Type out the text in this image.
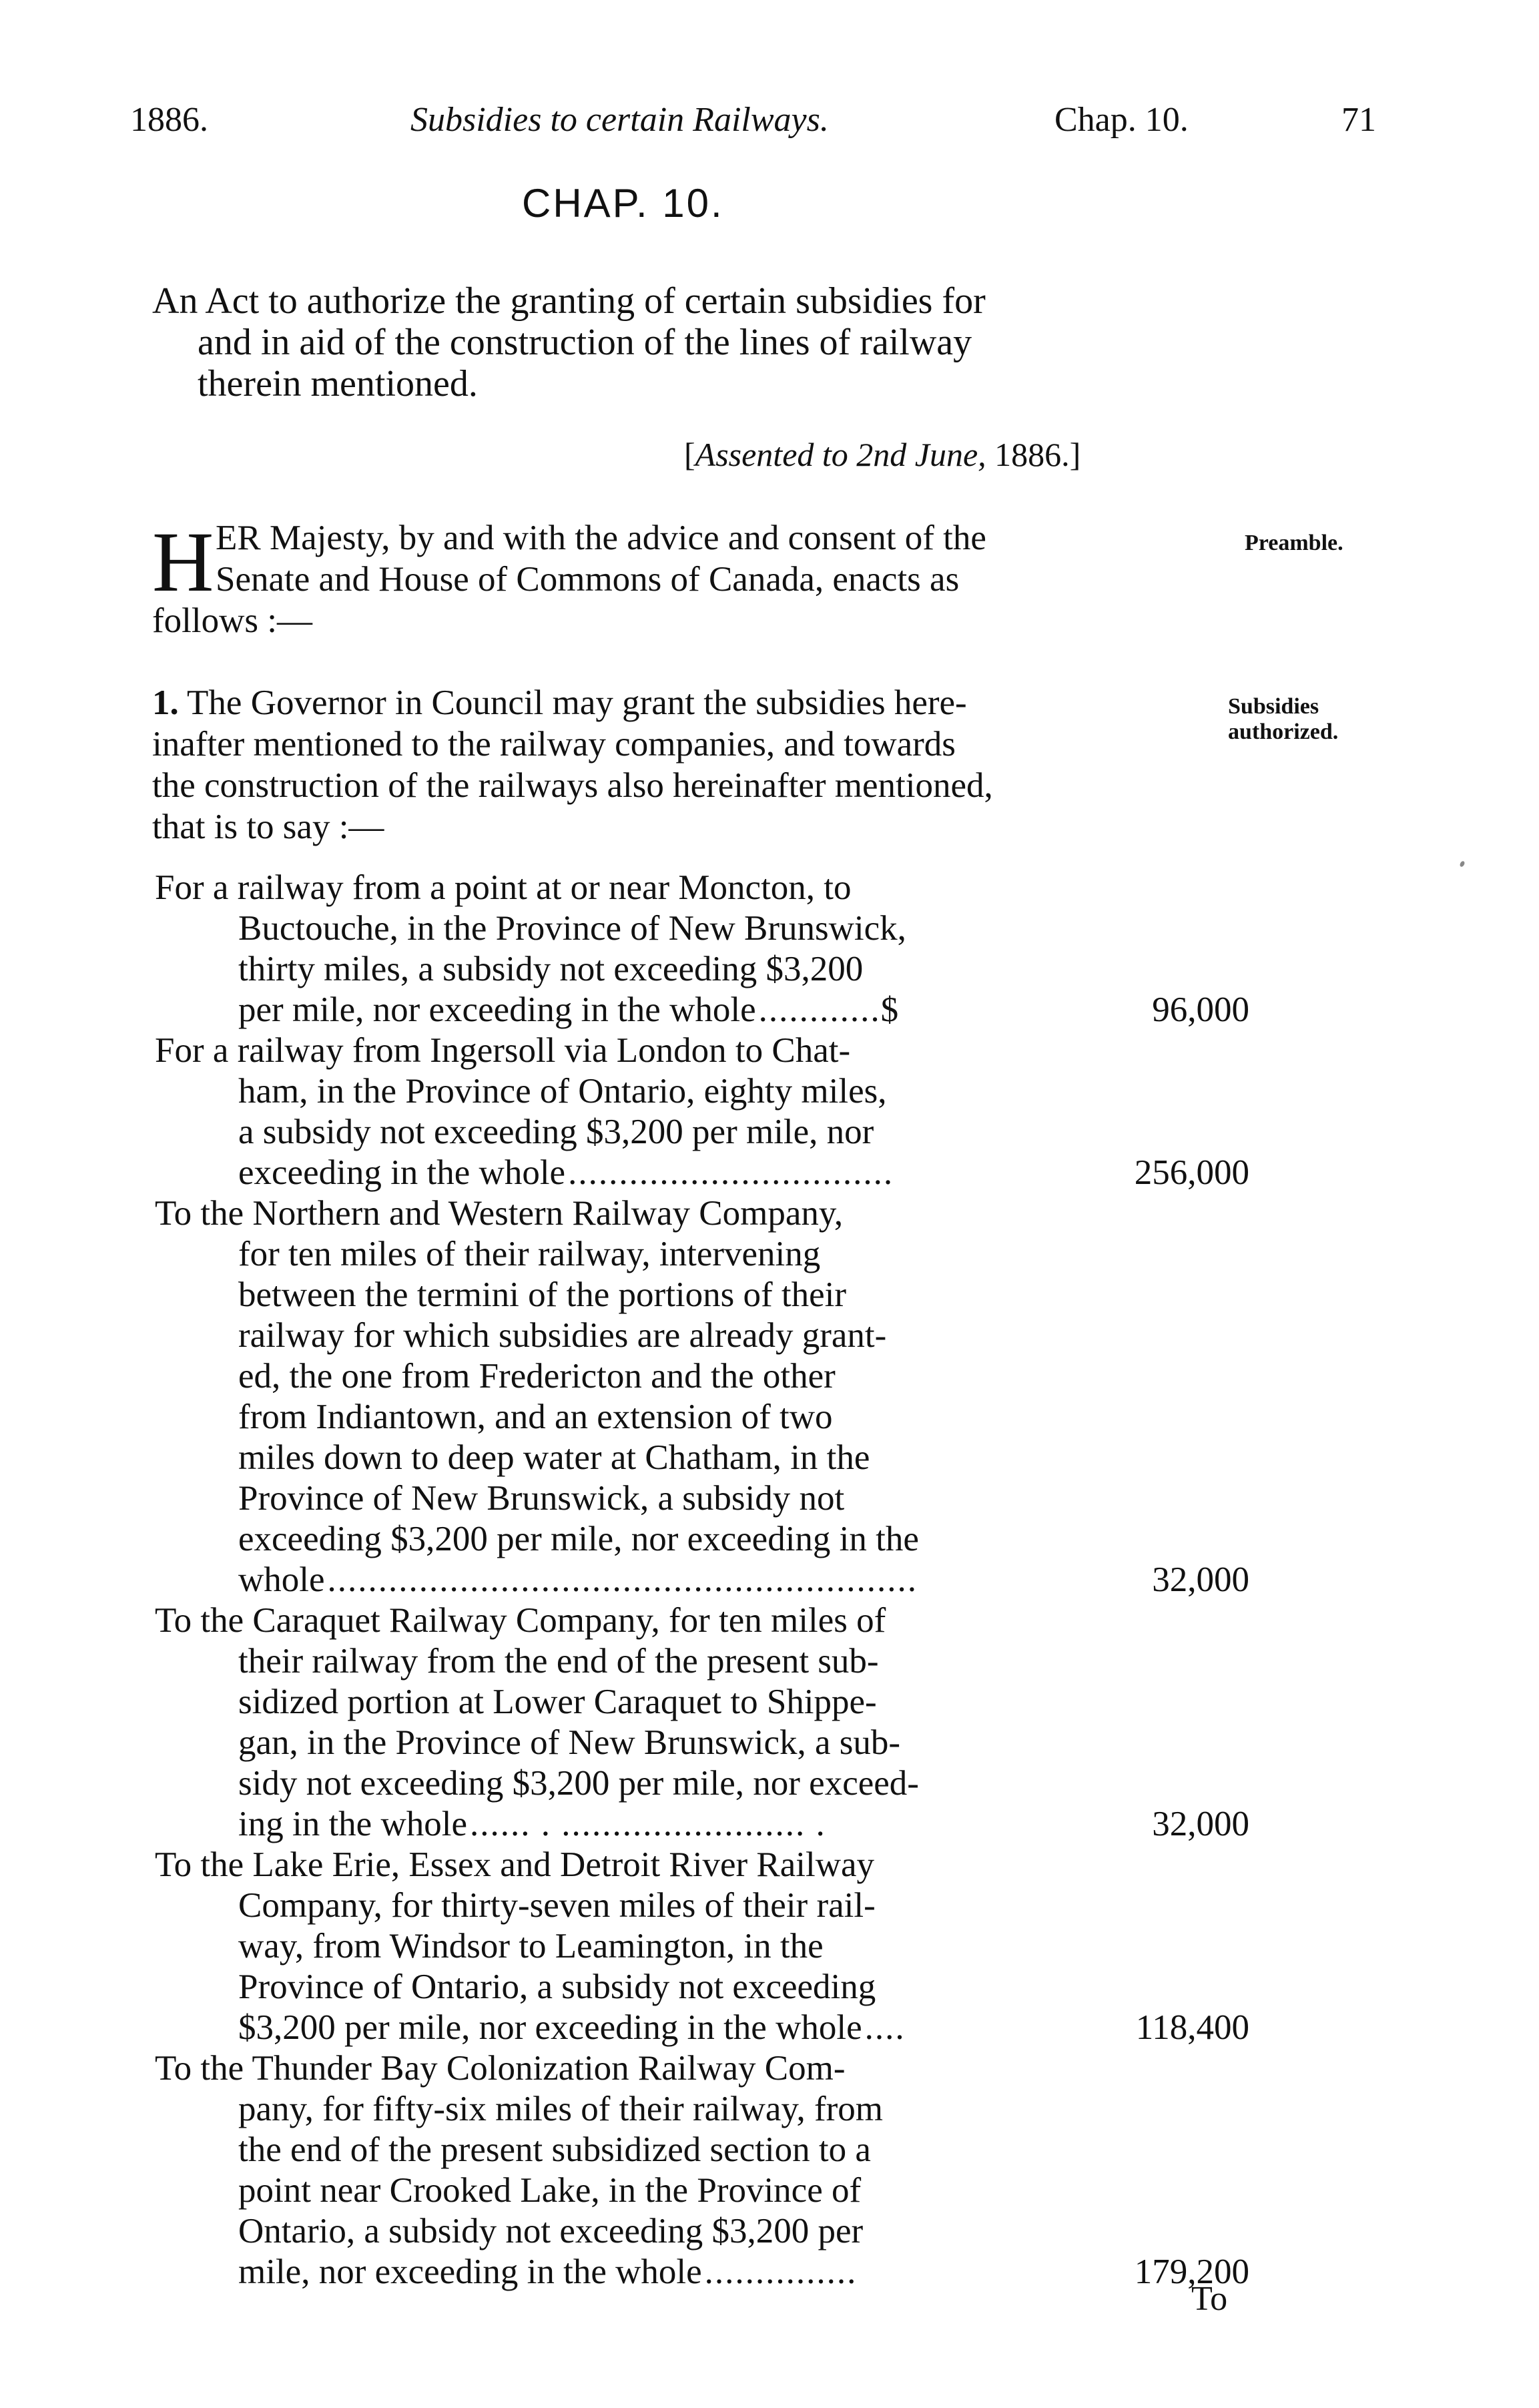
1886.	Subsidies to certain Railways.	Chap. 10.	71
CHAP. 10.
An Act to authorize the granting of certain subsidies for
and in aid of the construction of the lines of railway
therein mentioned.
[Assented to 2nd June, 1886.]
H ER Majesty, by and with the advice and consent of the
Senate and House of Commons of Canada, enacts as
follows :—
Preamble.
1. The Governor in Council may grant the subsidies here-
inafter mentioned to the railway companies, and towards
the construction of the railways also hereinafter mentioned,
that is to say :—
Subsidies
authorized.
For a railway from a point at or near Moncton, to
Buctouche, in the Province of New Brunswick,
thirty miles, a subsidy not exceeding $3,200
per mile, nor exceeding in the whole ............$	96,000
For a railway from Ingersoll via London to Chat-
ham, in the Province of Ontario, eighty miles,
a subsidy not exceeding $3,200 per mile, nor
exceeding in the whole ................................	256,000
To the Northern and Western Railway Company,
for ten miles of their railway, intervening
between the termini of the portions of their
railway for which subsidies are already grant-
ed, the one from Fredericton and the other
from Indiantown, and an extension of two
miles down to deep water at Chatham, in the
Province of New Brunswick, a subsidy not
exceeding $3,200 per mile, nor exceeding in the
whole ..........................................................	32,000
To the Caraquet Railway Company, for ten miles of
their railway from the end of the present sub-
sidized portion at Lower Caraquet to Shippe-
gan, in the Province of New Brunswick, a sub-
sidy not exceeding $3,200 per mile, nor exceed-
ing in the whole ...... . ........................ .	32,000
To the Lake Erie, Essex and Detroit River Railway
Company, for thirty-seven miles of their rail-
way, from Windsor to Leamington, in the
Province of Ontario, a subsidy not exceeding
$3,200 per mile, nor exceeding in the whole ....	118,400
To the Thunder Bay Colonization Railway Com-
pany, for fifty-six miles of their railway, from
the end of the present subsidized section to a
point near Crooked Lake, in the Province of
Ontario, a subsidy not exceeding $3,200 per
mile, nor exceeding in the whole ...............	179,200
To
